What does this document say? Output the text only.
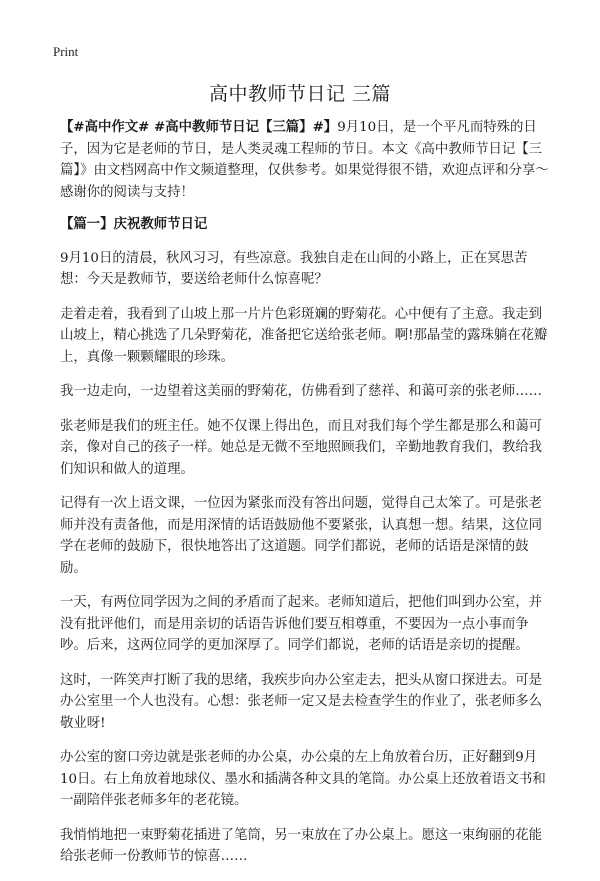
Print
高中教师节日记 三篇

【#高中作文# #高中教师节日记【三篇】#】9月10日，是一个平凡而特殊的日子，因为它是老师的节日，是人类灵魂工程师的节日。本文《高中教师节日记【三篇】》由文档网高中作文频道整理，仅供参考。如果觉得很不错，欢迎点评和分享～感谢你的阅读与支持！

【篇一】庆祝教师节日记

9月10日的清晨，秋风习习，有些凉意。我独自走在山间的小路上，正在冥思苦想：今天是教师节，要送给老师什么惊喜呢？

走着走着，我看到了山坡上那一片片色彩斑斓的野菊花。心中便有了主意。我走到山坡上，精心挑选了几朵野菊花，准备把它送给张老师。啊!那晶莹的露珠躺在花瓣上，真像一颗颗耀眼的珍珠。

我一边走向，一边望着这美丽的野菊花，仿佛看到了慈祥、和蔼可亲的张老师……

张老师是我们的班主任。她不仅课上得出色，而且对我们每个学生都是那么和蔼可亲，像对自己的孩子一样。她总是无微不至地照顾我们，辛勤地教育我们，教给我们知识和做人的道理。

记得有一次上语文课，一位因为紧张而没有答出问题，觉得自己太笨了。可是张老师并没有责备他，而是用深情的话语鼓励他不要紧张，认真想一想。结果，这位同学在老师的鼓励下，很快地答出了这道题。同学们都说，老师的话语是深情的鼓励。

一天，有两位同学因为之间的矛盾而了起来。老师知道后，把他们叫到办公室，并没有批评他们，而是用亲切的话语告诉他们要互相尊重，不要因为一点小事而争吵。后来，这两位同学的更加深厚了。同学们都说，老师的话语是亲切的提醒。

这时，一阵笑声打断了我的思绪，我疾步向办公室走去，把头从窗口探进去。可是办公室里一个人也没有。心想：张老师一定又是去检查学生的作业了，张老师多么敬业呀!

办公室的窗口旁边就是张老师的办公桌，办公桌的左上角放着台历，正好翻到9月10日。右上角放着地球仪、墨水和插满各种文具的笔筒。办公桌上还放着语文书和一副陪伴张老师多年的老花镜。

我悄悄地把一束野菊花插进了笔筒，另一束放在了办公桌上。愿这一束绚丽的花能给张老师一份教师节的惊喜……
